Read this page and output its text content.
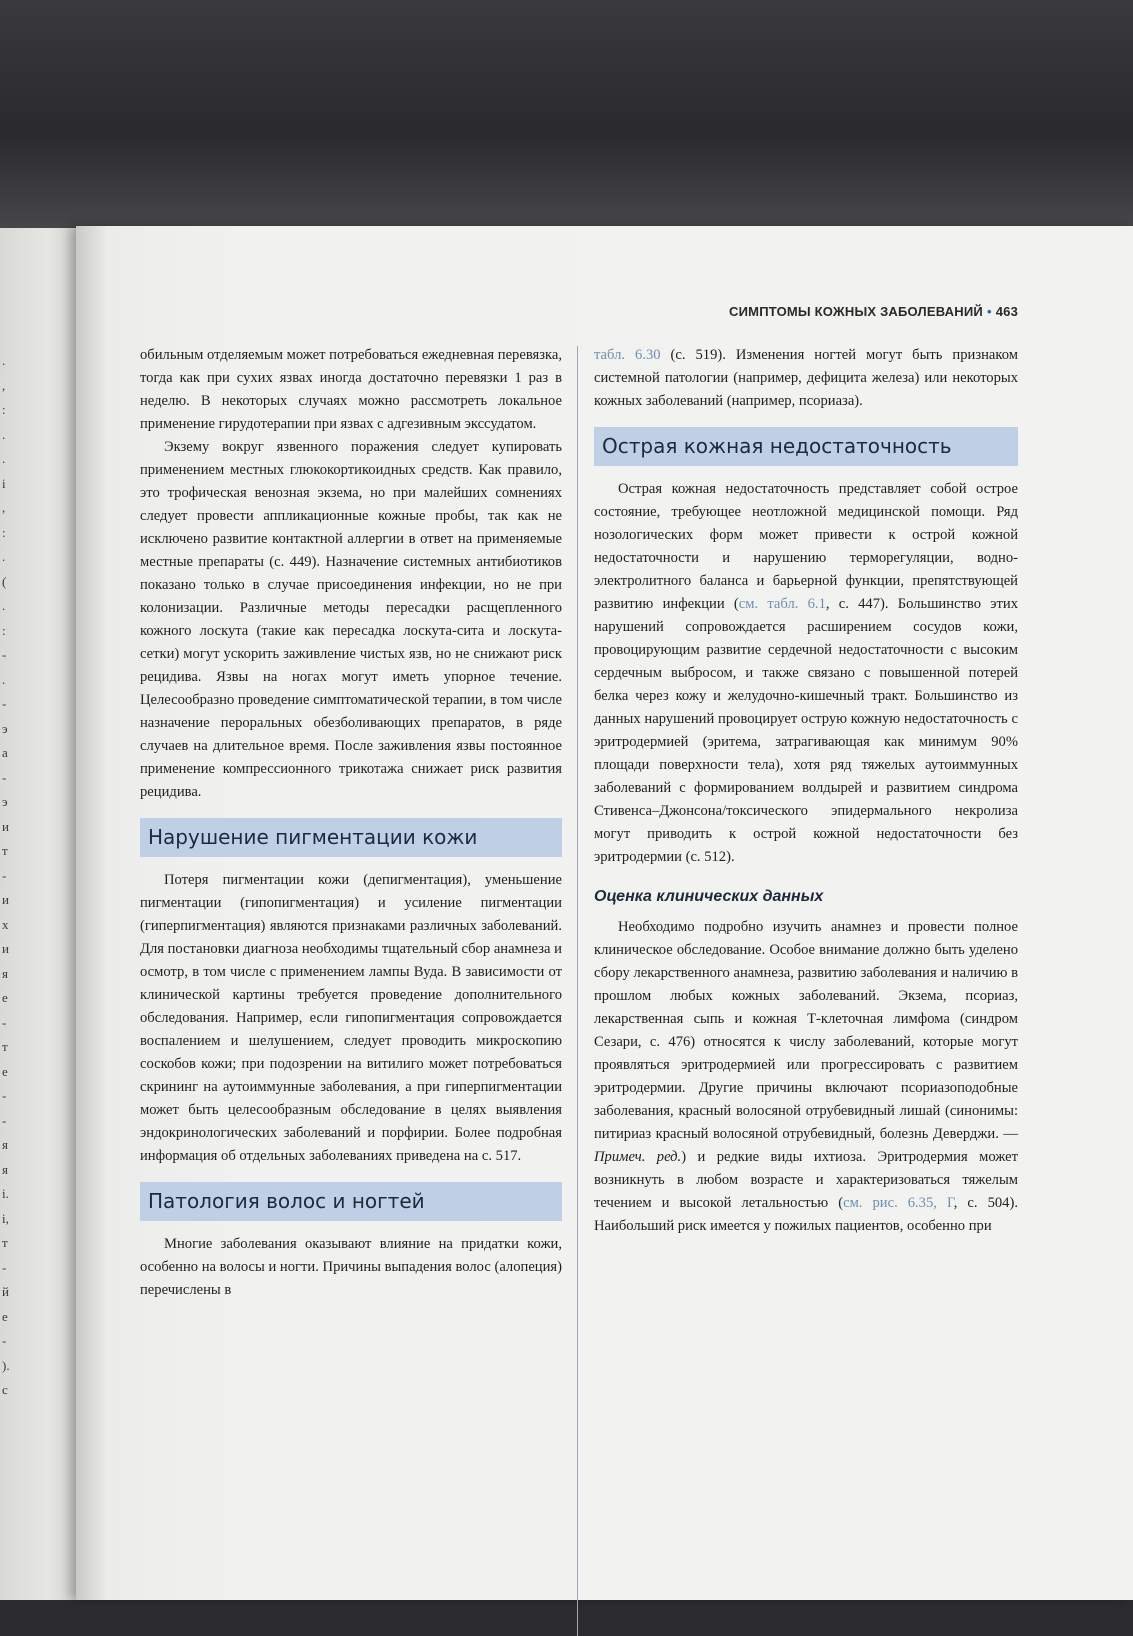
.
,
:
.
.
i
,
:
.
(
.
:
-
.
-
э
a
-
э
и
т
-
и
x
и
я
e
-
т
e
-
-
я
я
i.
i,
т
-
й
e
-
).
с
СИМПТОМЫ КОЖНЫХ ЗАБОЛЕВАНИЙ • 463

обильным отделяемым может потребоваться ежедневная перевязка, тогда как при сухих язвах иногда достаточно перевязки 1 раз в неделю. В некоторых случаях можно рассмотреть локальное применение гирудотерапии при язвах с адгезивным экссудатом.

Экзему вокруг язвенного поражения следует купировать применением местных глюкокортикоидных средств. Как правило, это трофическая венозная экзема, но при малейших сомнениях следует провести аппликационные кожные пробы, так как не исключено развитие контактной аллергии в ответ на применяемые местные препараты (с. 449). Назначение системных антибиотиков показано только в случае присоединения инфекции, но не при колонизации. Различные методы пересадки расщепленного кожного лоскута (такие как пересадка лоскута-сита и лоскута-сетки) могут ускорить заживление чистых язв, но не снижают риск рецидива. Язвы на ногах могут иметь упорное течение. Целесообразно проведение симптоматической терапии, в том числе назначение пероральных обезболивающих препаратов, в ряде случаев на длительное время. После заживления язвы постоянное применение компрессионного трикотажа снижает риск развития рецидива.

Нарушение пигментации кожи

Потеря пигментации кожи (депигментация), уменьшение пигментации (гипопигментация) и усиление пигментации (гиперпигментация) являются признаками различных заболеваний. Для постановки диагноза необходимы тщательный сбор анамнеза и осмотр, в том числе с применением лампы Вуда. В зависимости от клинической картины требуется проведение дополнительного обследования. Например, если гипопигментация сопровождается воспалением и шелушением, следует проводить микроскопию соскобов кожи; при подозрении на витилиго может потребоваться скрининг на аутоиммунные заболевания, а при гиперпигментации может быть целесообразным обследование в целях выявления эндокринологических заболеваний и порфирии. Более подробная информация об отдельных заболеваниях приведена на с. 517.

Патология волос и ногтей

Многие заболевания оказывают влияние на придатки кожи, особенно на волосы и ногти. Причины выпадения волос (алопеция) перечислены в

табл. 6.30 (с. 519). Изменения ногтей могут быть признаком системной патологии (например, дефицита железа) или некоторых кожных заболеваний (например, псориаза).

Острая кожная недостаточность

Острая кожная недостаточность представляет собой острое состояние, требующее неотложной медицинской помощи. Ряд нозологических форм может привести к острой кожной недостаточности и нарушению терморегуляции, водно-электролитного баланса и барьерной функции, препятствующей развитию инфекции (см. табл. 6.1, с. 447). Большинство этих нарушений сопровождается расширением сосудов кожи, провоцирующим развитие сердечной недостаточности с высоким сердечным выбросом, и также связано с повышенной потерей белка через кожу и желудочно-кишечный тракт. Большинство из данных нарушений провоцирует острую кожную недостаточность с эритродермией (эритема, затрагивающая как минимум 90% площади поверхности тела), хотя ряд тяжелых аутоиммунных заболеваний с формированием волдырей и развитием синдрома Стивенса–Джонсона/токсического эпидермального некролиза могут приводить к острой кожной недостаточности без эритродермии (с. 512).

Оценка клинических данных

Необходимо подробно изучить анамнез и провести полное клиническое обследование. Особое внимание должно быть уделено сбору лекарственного анамнеза, развитию заболевания и наличию в прошлом любых кожных заболеваний. Экзема, псориаз, лекарственная сыпь и кожная Т-клеточная лимфома (синдром Сезари, с. 476) относятся к числу заболеваний, которые могут проявляться эритродермией или прогрессировать с развитием эритродермии. Другие причины включают псориазоподобные заболевания, красный волосяной отрубевидный лишай (синонимы: питириаз красный волосяной отрубевидный, болезнь Деверджи. — Примеч. ред.) и редкие виды ихтиоза. Эритродермия может возникнуть в любом возрасте и характеризоваться тяжелым течением и высокой летальностью (см. рис. 6.35, Г, с. 504). Наибольший риск имеется у пожилых пациентов, особенно при
